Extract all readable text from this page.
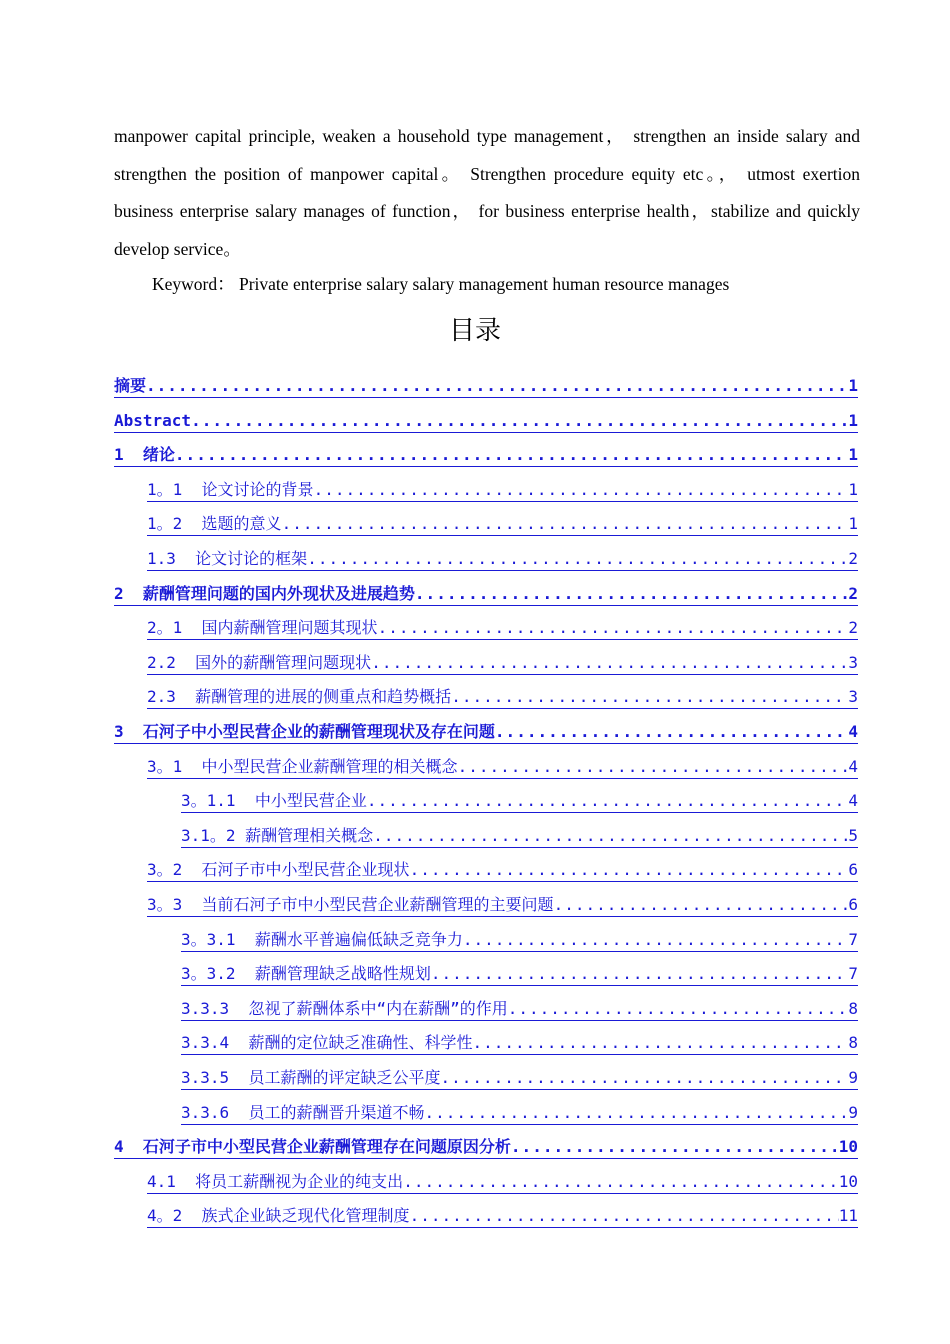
manpower capital principle, weaken a household type management， strengthen an inside salary and strengthen the position of manpower capital。 Strengthen procedure equity etc。， utmost exertion business enterprise salary manages of function， for business enterprise health，stabilize and quickly develop service。

Keyword： Private enterprise salary salary management human resource manages
目录
摘要 .....	1
Abstract .....	1
1 绪论 .....	1
1。1 论文讨论的背景 .....	1
1。2 选题的意义 .....	1
1.3 论文讨论的框架 .....	2
2 薪酬管理问题的国内外现状及进展趋势 .....	2
2。1 国内薪酬管理问题其现状 .....	2
2.2 国外的薪酬管理问题现状 .....	3
2.3 薪酬管理的进展的侧重点和趋势概括 .....	3
3 石河子中小型民营企业的薪酬管理现状及存在问题 .....	4
3。1 中小型民营企业薪酬管理的相关概念 .....	4
3。1.1 中小型民营企业 .....	4
3.1。2 薪酬管理相关概念 .....	5
3。2 石河子市中小型民营企业现状 .....	6
3。3 当前石河子市中小型民营企业薪酬管理的主要问题 .....	6
3。3.1 薪酬水平普遍偏低缺乏竞争力 .....	7
3。3.2 薪酬管理缺乏战略性规划 .....	7
3.3.3 忽视了薪酬体系中“内在薪酬”的作用 .....	8
3.3.4 薪酬的定位缺乏准确性、科学性 .....	8
3.3.5 员工薪酬的评定缺乏公平度 .....	9
3.3.6 员工的薪酬晋升渠道不畅 .....	9
4 石河子市中小型民营企业薪酬管理存在问题原因分析 .....	10
4.1 将员工薪酬视为企业的纯支出 .....	10
4。2 族式企业缺乏现代化管理制度 .....	11
